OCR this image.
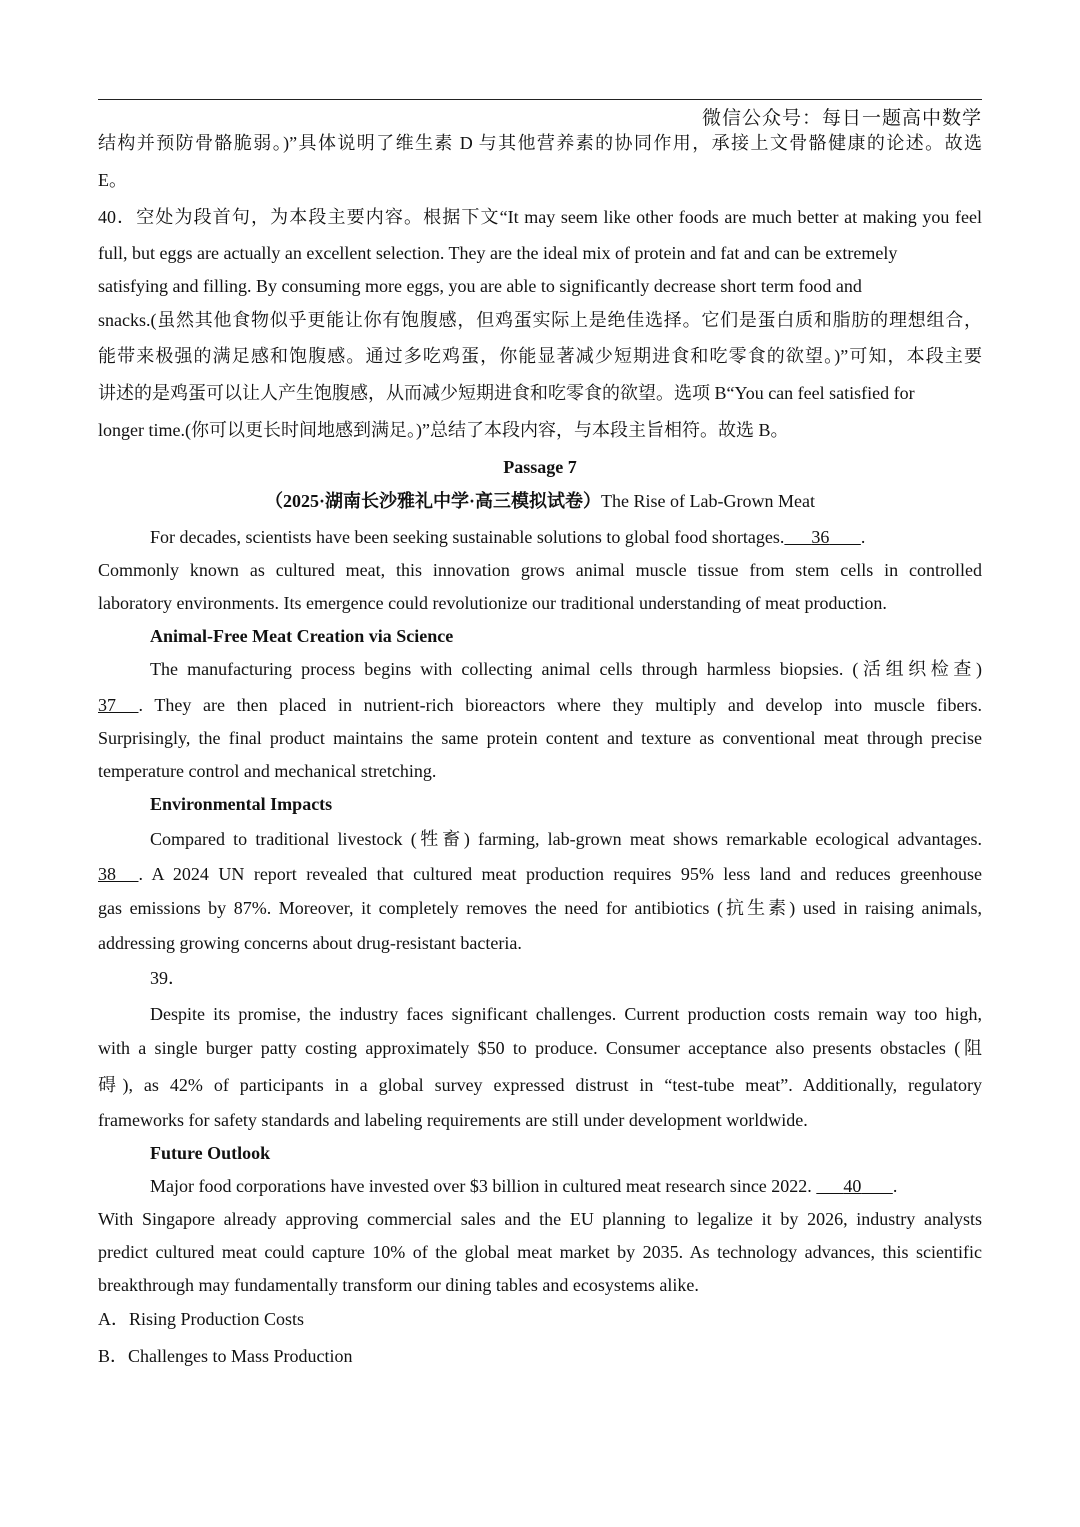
微信公众号：每日一题高中数学
结构并预防骨骼脆弱。)”具体说明了维生素 D 与其他营养素的协同作用，承接上文骨骼健康的论述。故选
E。
40．空处为段首句，为本段主要内容。根据下文“It may seem like other foods are much better at making you feel
full, but eggs are actually an excellent selection. They are the ideal mix of protein and fat and can be extremely
satisfying and filling. By consuming more eggs, you are able to significantly decrease short term food and
snacks.(虽然其他食物似乎更能让你有饱腹感，但鸡蛋实际上是绝佳选择。它们是蛋白质和脂肪的理想组合，
能带来极强的满足感和饱腹感。通过多吃鸡蛋，你能显著减少短期进食和吃零食的欲望。)”可知，本段主要
讲述的是鸡蛋可以让人产生饱腹感，从而减少短期进食和吃零食的欲望。选项 B“You can feel satisfied for
longer time.(你可以更长时间地感到满足。)”总结了本段内容，与本段主旨相符。故选 B。
Passage 7
（2025·湖南长沙雅礼中学·高三模拟试卷）The Rise of Lab-Grown Meat
For decades, scientists have been seeking sustainable solutions to global food shortages. 36 .
Commonly known as cultured meat, this innovation grows animal muscle tissue from stem cells in controlled
laboratory environments. Its emergence could revolutionize our traditional understanding of meat production.
Animal-Free Meat Creation via Science
The manufacturing process begins with collecting animal cells through harmless biopsies. (活组织检查)
37 . They are then placed in nutrient-rich bioreactors where they multiply and develop into muscle fibers.
Surprisingly, the final product maintains the same protein content and texture as conventional meat through precise
temperature control and mechanical stretching.
Environmental Impacts
Compared to traditional livestock (牲畜) farming, lab-grown meat shows remarkable ecological advantages.
38 . A 2024 UN report revealed that cultured meat production requires 95% less land and reduces greenhouse
gas emissions by 87%. Moreover, it completely removes the need for antibiotics (抗生素) used in raising animals,
addressing growing concerns about drug-resistant bacteria.
39．
Despite its promise, the industry faces significant challenges. Current production costs remain way too high,
with a single burger patty costing approximately $50 to produce. Consumer acceptance also presents obstacles (阻
碍), as 42% of participants in a global survey expressed distrust in “test-tube meat”. Additionally, regulatory
frameworks for safety standards and labeling requirements are still under development worldwide.
Future Outlook
Major food corporations have invested over $3 billion in cultured meat research since 2022. 40 .
With Singapore already approving commercial sales and the EU planning to legalize it by 2026, industry analysts
predict cultured meat could capture 10% of the global meat market by 2035. As technology advances, this scientific
breakthrough may fundamentally transform our dining tables and ecosystems alike.
A．Rising Production Costs
B．Challenges to Mass Production
